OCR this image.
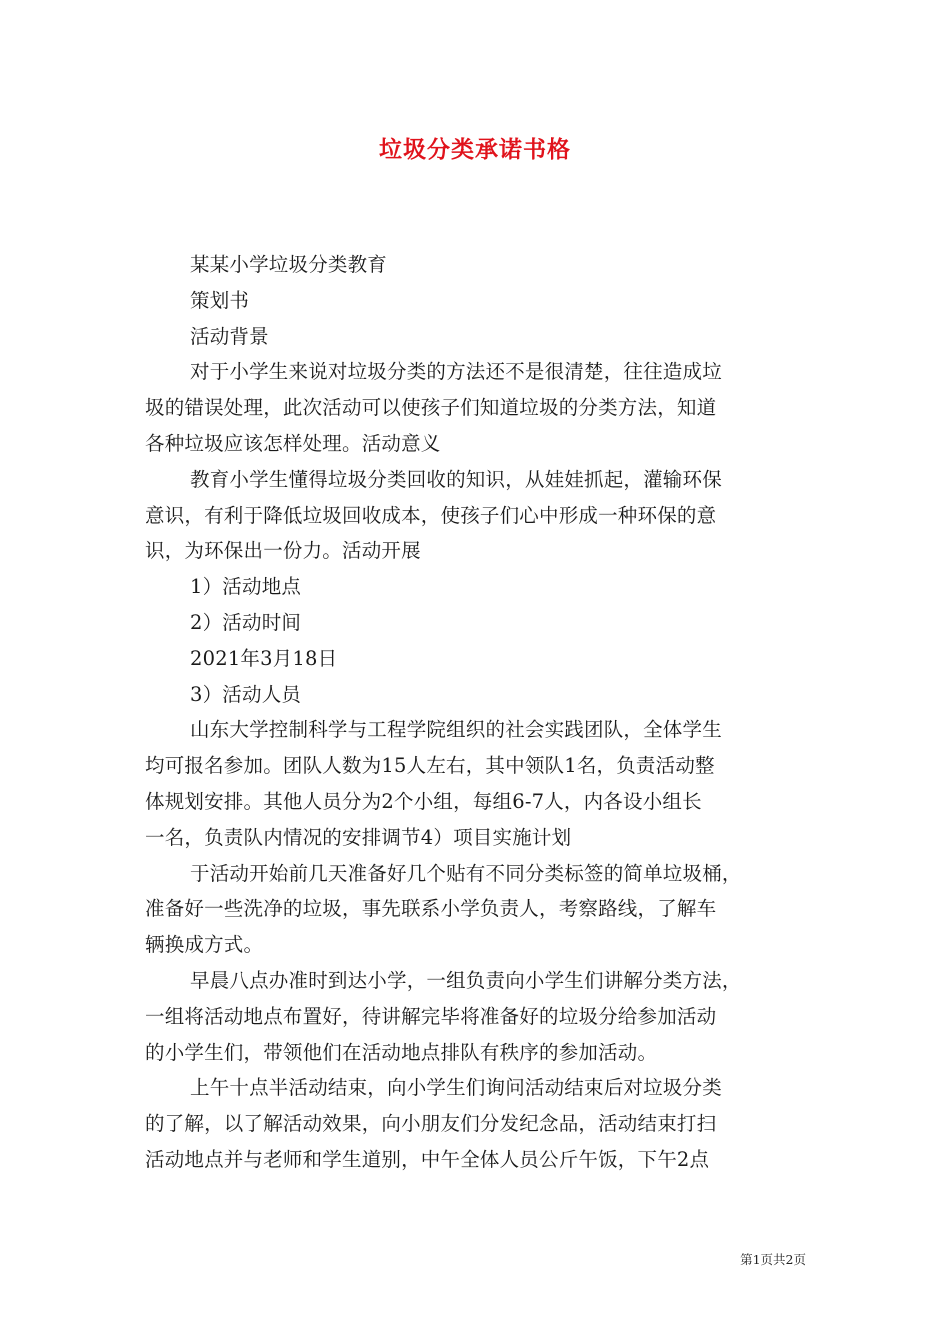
垃圾分类承诺书格
某某小学垃圾分类教育
策划书
活动背景
对于小学生来说对垃圾分类的方法还不是很清楚，往往造成垃
圾的错误处理，此次活动可以使孩子们知道垃圾的分类方法，知道
各种垃圾应该怎样处理。活动意义
教育小学生懂得垃圾分类回收的知识，从娃娃抓起，灌输环保
意识，有利于降低垃圾回收成本，使孩子们心中形成一种环保的意
识，为环保出一份力。活动开展
1）活动地点
2）活动时间
2021年3月18日
3）活动人员
山东大学控制科学与工程学院组织的社会实践团队，全体学生
均可报名参加。团队人数为15人左右，其中领队1名，负责活动整
体规划安排。其他人员分为2个小组，每组6-7人，内各设小组长
一名，负责队内情况的安排调节4）项目实施计划
于活动开始前几天准备好几个贴有不同分类标签的简单垃圾桶，
准备好一些洗净的垃圾，事先联系小学负责人，考察路线，了解车
辆换成方式。
早晨八点办准时到达小学，一组负责向小学生们讲解分类方法，
一组将活动地点布置好，待讲解完毕将准备好的垃圾分给参加活动
的小学生们，带领他们在活动地点排队有秩序的参加活动。
上午十点半活动结束，向小学生们询问活动结束后对垃圾分类
的了解，以了解活动效果，向小朋友们分发纪念品，活动结束打扫
活动地点并与老师和学生道别，中午全体人员公斤午饭，下午2点
第1页共2页
